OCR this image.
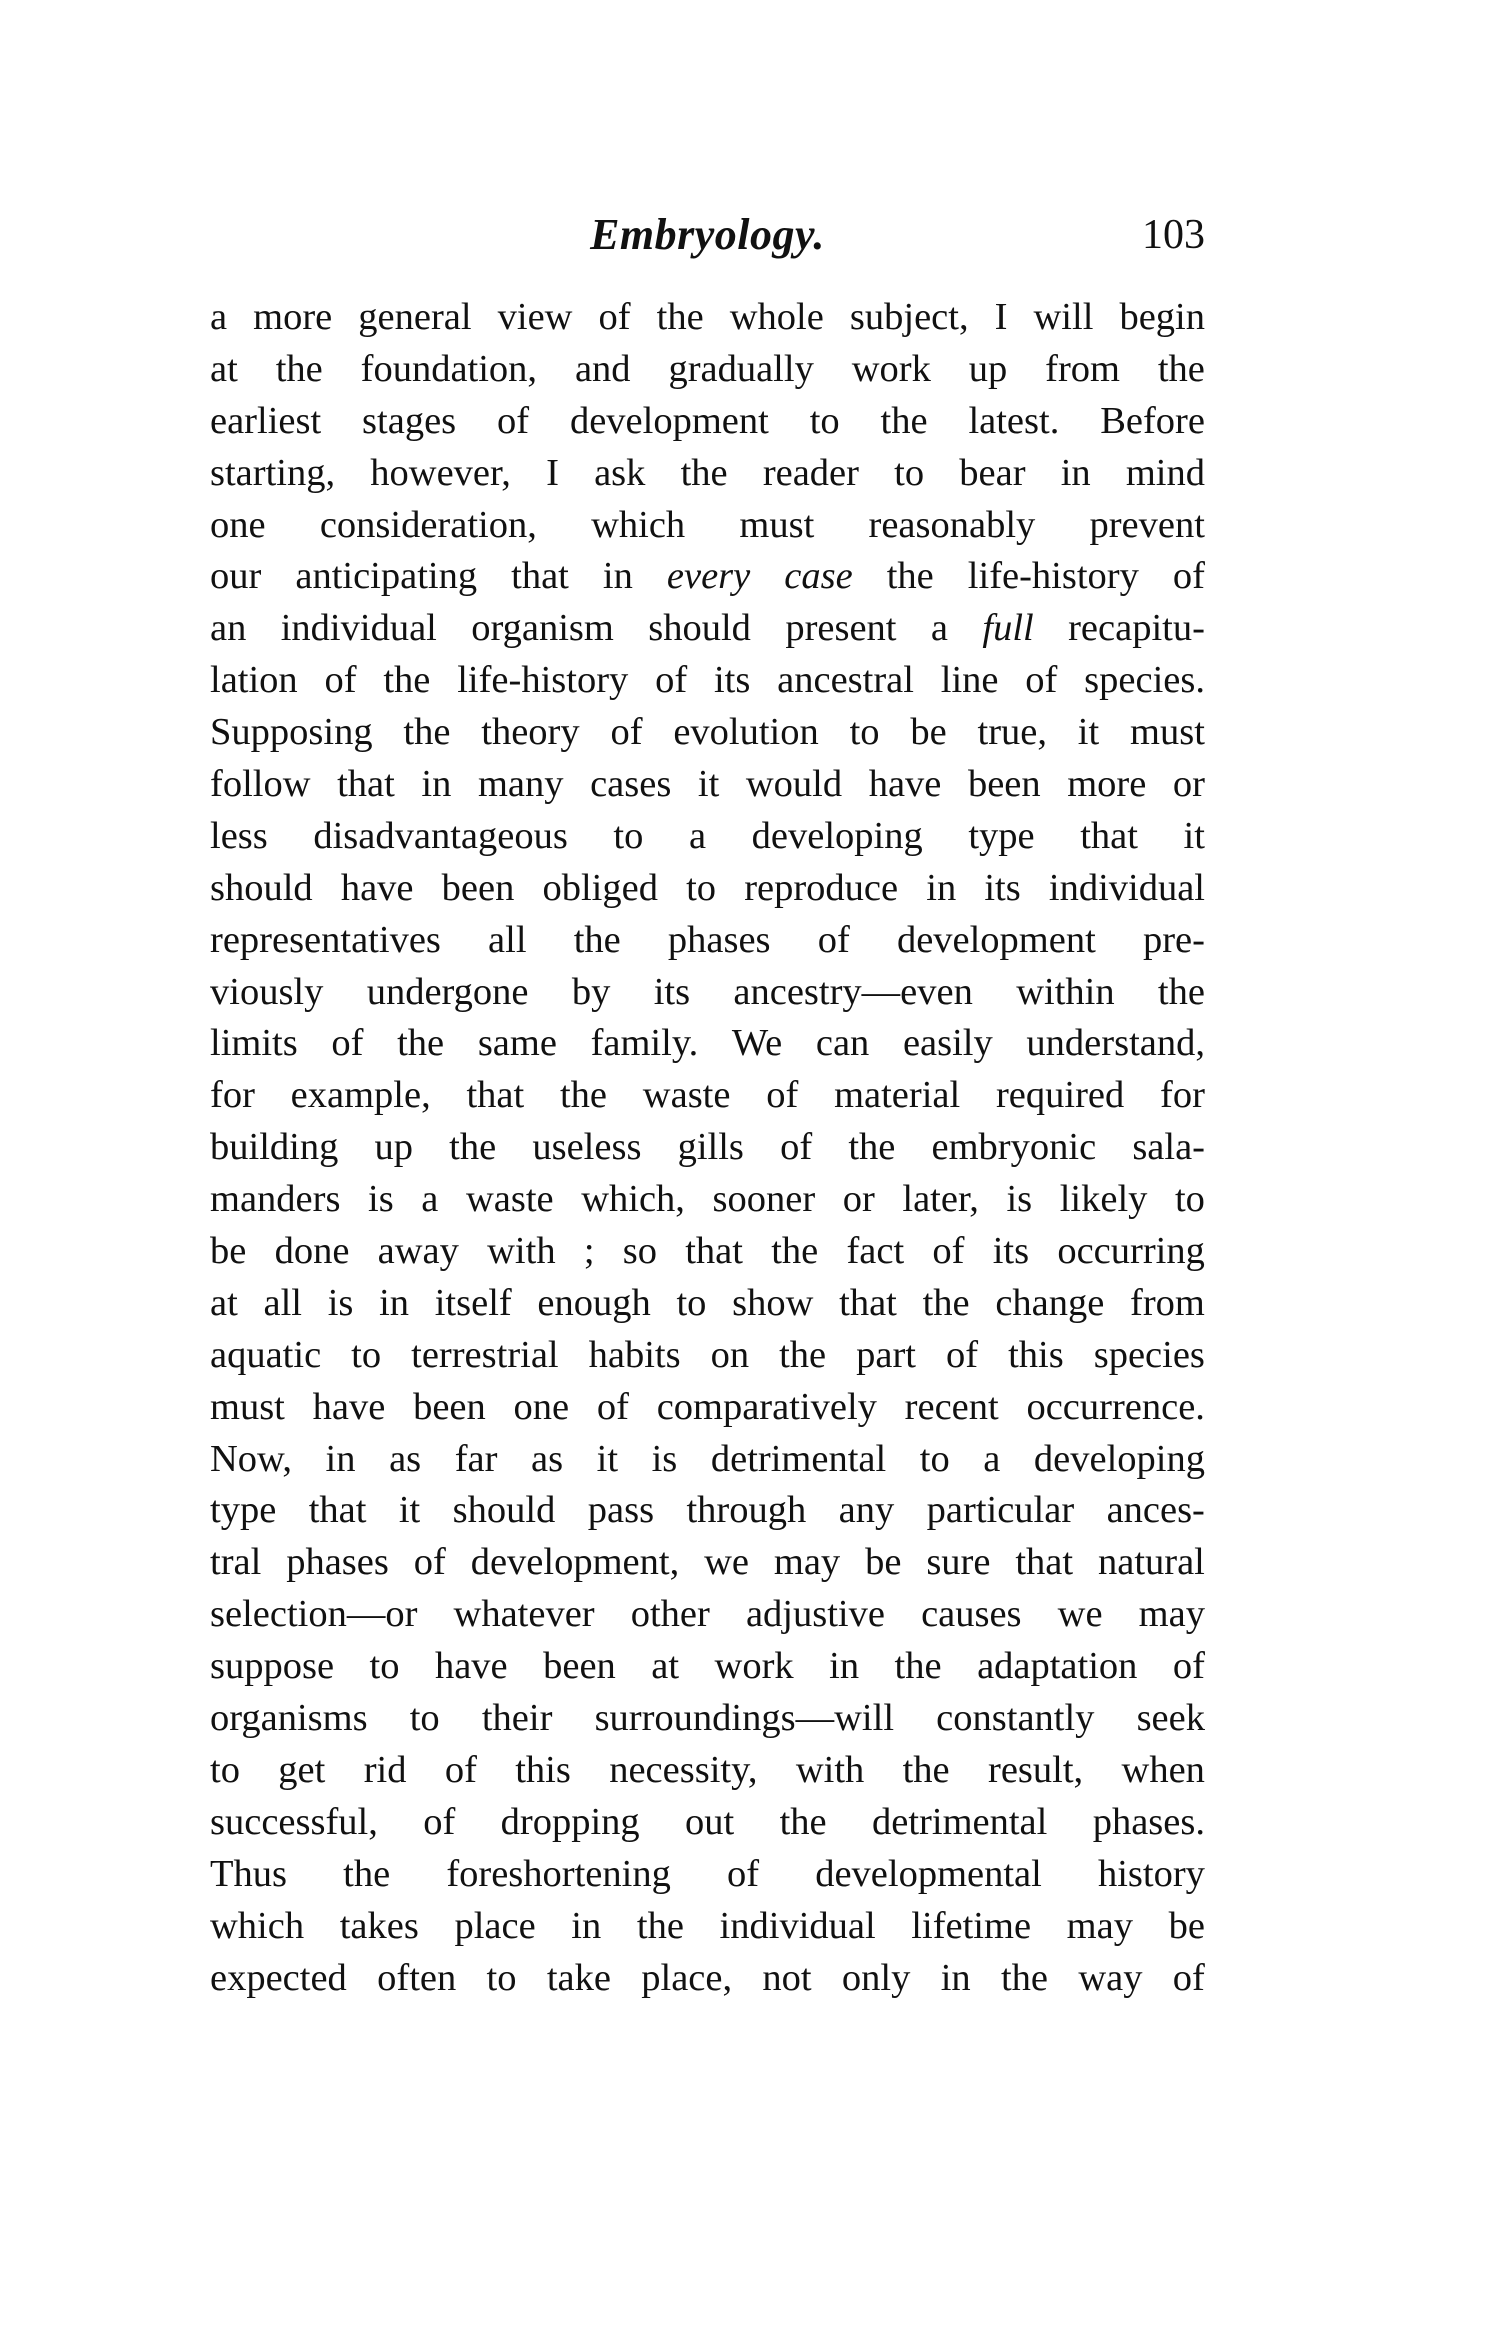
Embryology.	103
a more general view of the whole subject, I will begin
at the foundation, and gradually work up from the
earliest stages of development to the latest. Before
starting, however, I ask the reader to bear in mind
one consideration, which must reasonably prevent
our anticipating that in every case the life-history of
an individual organism should present a full recapitu-
lation of the life-history of its ancestral line of species.
Supposing the theory of evolution to be true, it must
follow that in many cases it would have been more or
less disadvantageous to a developing type that it
should have been obliged to reproduce in its individual
representatives all the phases of development pre-
viously undergone by its ancestry—even within the
limits of the same family. We can easily understand,
for example, that the waste of material required for
building up the useless gills of the embryonic sala-
manders is a waste which, sooner or later, is likely to
be done away with ; so that the fact of its occurring
at all is in itself enough to show that the change from
aquatic to terrestrial habits on the part of this species
must have been one of comparatively recent occurrence.
Now, in as far as it is detrimental to a developing
type that it should pass through any particular ances-
tral phases of development, we may be sure that natural
selection—or whatever other adjustive causes we may
suppose to have been at work in the adaptation of
organisms to their surroundings—will constantly seek
to get rid of this necessity, with the result, when
successful, of dropping out the detrimental phases.
Thus the foreshortening of developmental history
which takes place in the individual lifetime may be
expected often to take place, not only in the way of
